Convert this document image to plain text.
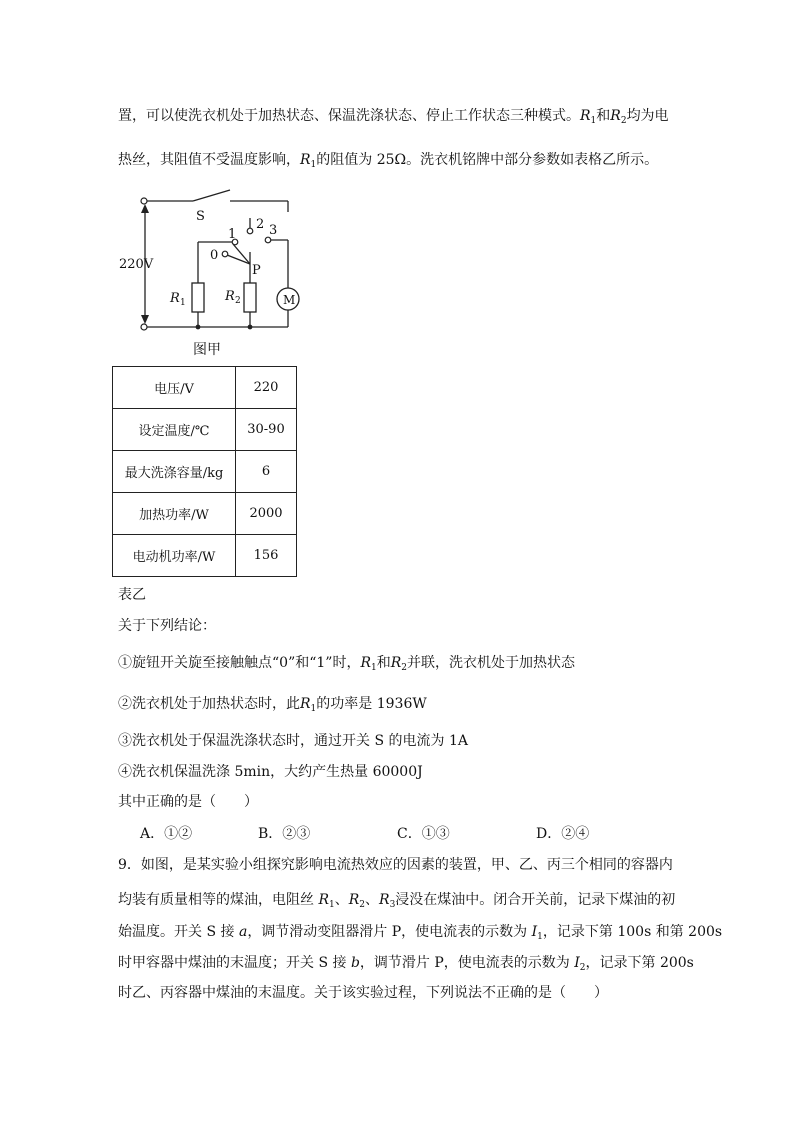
置，可以使洗衣机处于加热状态、保温洗涤状态、停止工作状态三种模式。$R_1$和$R_2$均为电
热丝，其阻值不受温度影响，$R_1$的阻值为 25Ω。洗衣机铭牌中部分参数如表格乙所示。
S
2 3
1
0
P
220V
R 1	R 2	M
图甲
电压/V	220
设定温度/℃	30-90
最大洗涤容量/kg	6
加热功率/W	2000
电动机功率/W	156
表乙
关于下列结论：
①旋钮开关旋至接触触点“0”和“1”时，$R_1$和$R_2$并联，洗衣机处于加热状态
②洗衣机处于加热状态时，此$R_1$的功率是 1936W
③洗衣机处于保温洗涤状态时，通过开关 S 的电流为 1A
④洗衣机保温洗涤 5min，大约产生热量 60000J
其中正确的是（　　）
A．①②	B．②③	C．①③	D．②④
9．如图，是某实验小组探究影响电流热效应的因素的装置，甲、乙、丙三个相同的容器内
均装有质量相等的煤油，电阻丝 $R_1$、$R_2$、$R_3$浸没在煤油中。闭合开关前，记录下煤油的初
始温度。开关 S 接 a，调节滑动变阻器滑片 P，使电流表的示数为 $I_1$，记录下第 100s 和第 200s
时甲容器中煤油的末温度；开关 S 接 b，调节滑片 P，使电流表的示数为 $I_2$，记录下第 200s
时乙、丙容器中煤油的末温度。关于该实验过程，下列说法不正确的是（　　）
